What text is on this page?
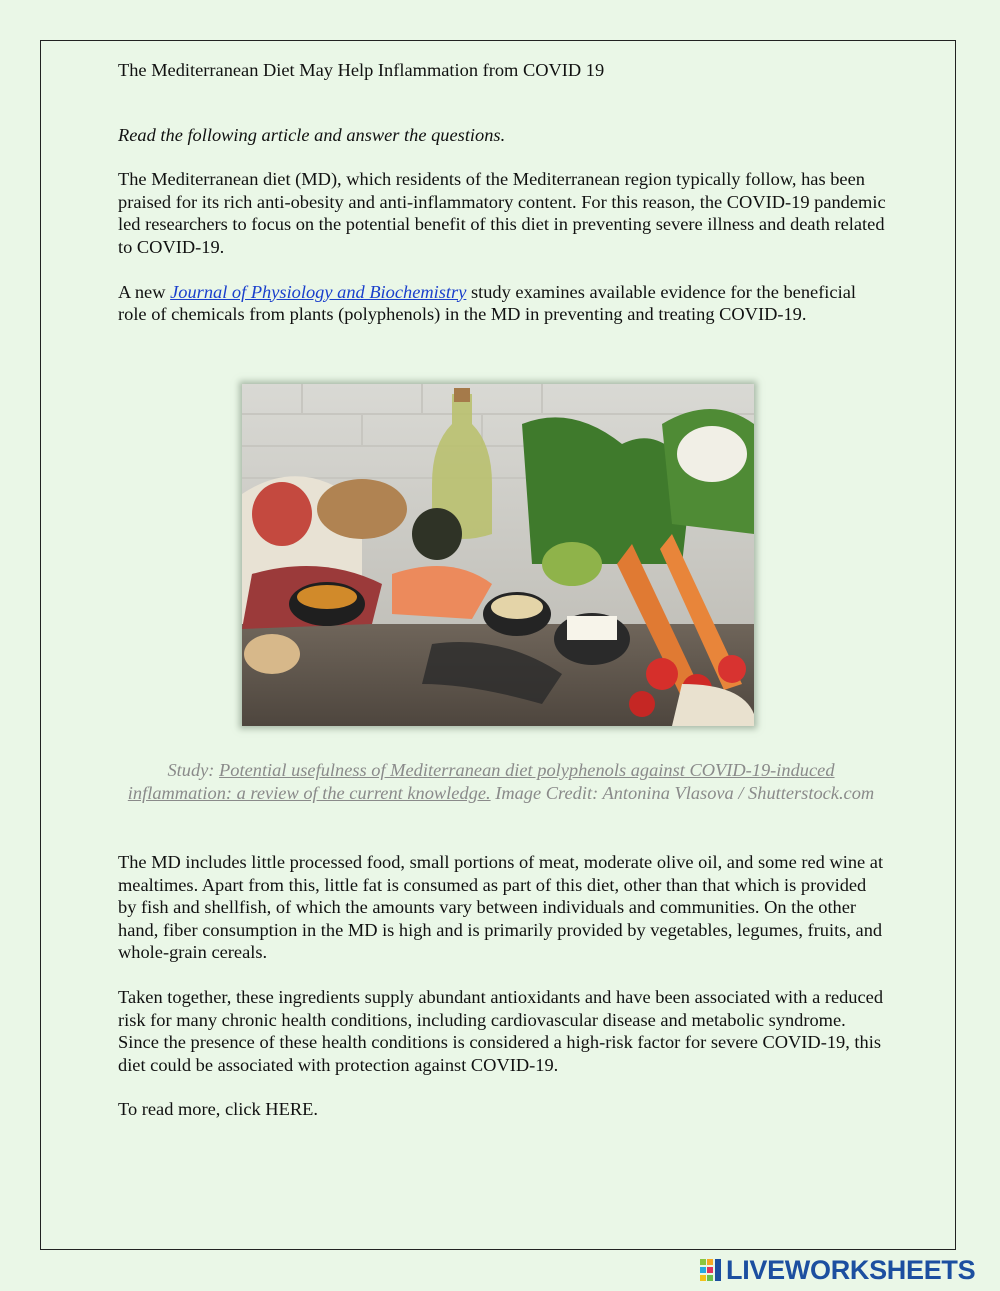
The Mediterranean Diet May Help Inflammation from COVID 19

Read the following article and answer the questions.

The Mediterranean diet (MD), which residents of the Mediterranean region typically follow, has been praised for its rich anti-obesity and anti-inflammatory content. For this reason, the COVID-19 pandemic led researchers to focus on the potential benefit of this diet in preventing severe illness and death related to COVID-19.

A new Journal of Physiology and Biochemistry study examines available evidence for the beneficial role of chemicals from plants (polyphenols) in the MD in preventing and treating COVID-19.

Study: Potential usefulness of Mediterranean diet polyphenols against COVID-19-induced inflammation: a review of the current knowledge. Image Credit: Antonina Vlasova / Shutterstock.com

The MD includes little processed food, small portions of meat, moderate olive oil, and some red wine at mealtimes. Apart from this, little fat is consumed as part of this diet, other than that which is provided by fish and shellfish, of which the amounts vary between individuals and communities. On the other hand, fiber consumption in the MD is high and is primarily provided by vegetables, legumes, fruits, and whole-grain cereals.

Taken together, these ingredients supply abundant antioxidants and have been associated with a reduced risk for many chronic health conditions, including cardiovascular disease and metabolic syndrome. Since the presence of these health conditions is considered a high-risk factor for severe COVID-19, this diet could be associated with protection against COVID-19.

To read more, click HERE.

LIVEWORKSHEETS
